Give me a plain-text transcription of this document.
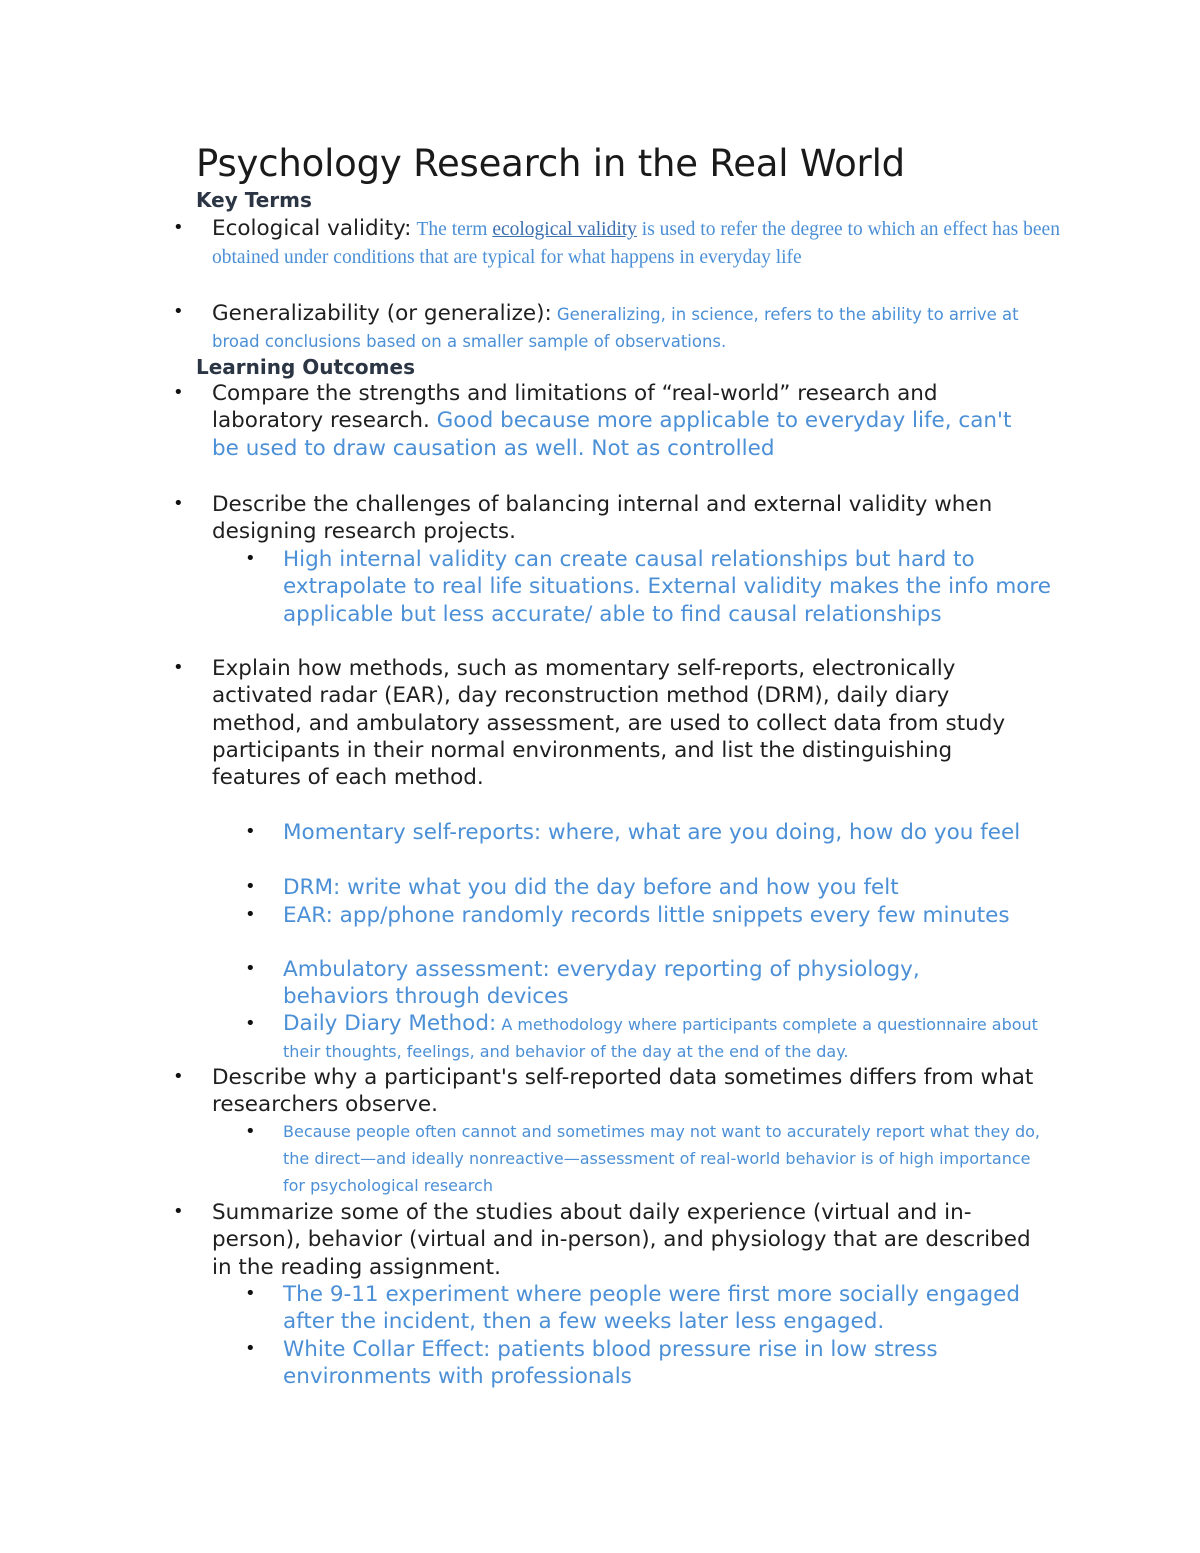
Psychology Research in the Real World
Key Terms
• Ecological validity: The term ecological validity is used to refer the degree to which an effect has been obtained under conditions that are typical for what happens in everyday life

• Generalizability (or generalize): Generalizing, in science, refers to the ability to arrive at broad conclusions based on a smaller sample of observations.

Learning Outcomes
• Compare the strengths and limitations of “real-world” research and laboratory research. Good because more applicable to everyday life, can't be used to draw causation as well. Not as controlled

• Describe the challenges of balancing internal and external validity when designing research projects.

• High internal validity can create causal relationships but hard to extrapolate to real life situations. External validity makes the info more applicable but less accurate/ able to find causal relationships

• Explain how methods, such as momentary self-reports, electronically activated radar (EAR), day reconstruction method (DRM), daily diary method, and ambulatory assessment, are used to collect data from study participants in their normal environments, and list the distinguishing features of each method.

• Momentary self-reports: where, what are you doing, how do you feel

• DRM: write what you did the day before and how you felt

• EAR: app/phone randomly records little snippets every few minutes

• Ambulatory assessment: everyday reporting of physiology, behaviors through devices

• Daily Diary Method: A methodology where participants complete a questionnaire about their thoughts, feelings, and behavior of the day at the end of the day.

• Describe why a participant's self-reported data sometimes differs from what researchers observe.

• Because people often cannot and sometimes may not want to accurately report what they do, the direct—and ideally nonreactive—assessment of real-world behavior is of high importance for psychological research

• Summarize some of the studies about daily experience (virtual and in-person), behavior (virtual and in-person), and physiology that are described in the reading assignment.

• The 9-11 experiment where people were first more socially engaged after the incident, then a few weeks later less engaged.

• White Collar Effect: patients blood pressure rise in low stress environments with professionals
